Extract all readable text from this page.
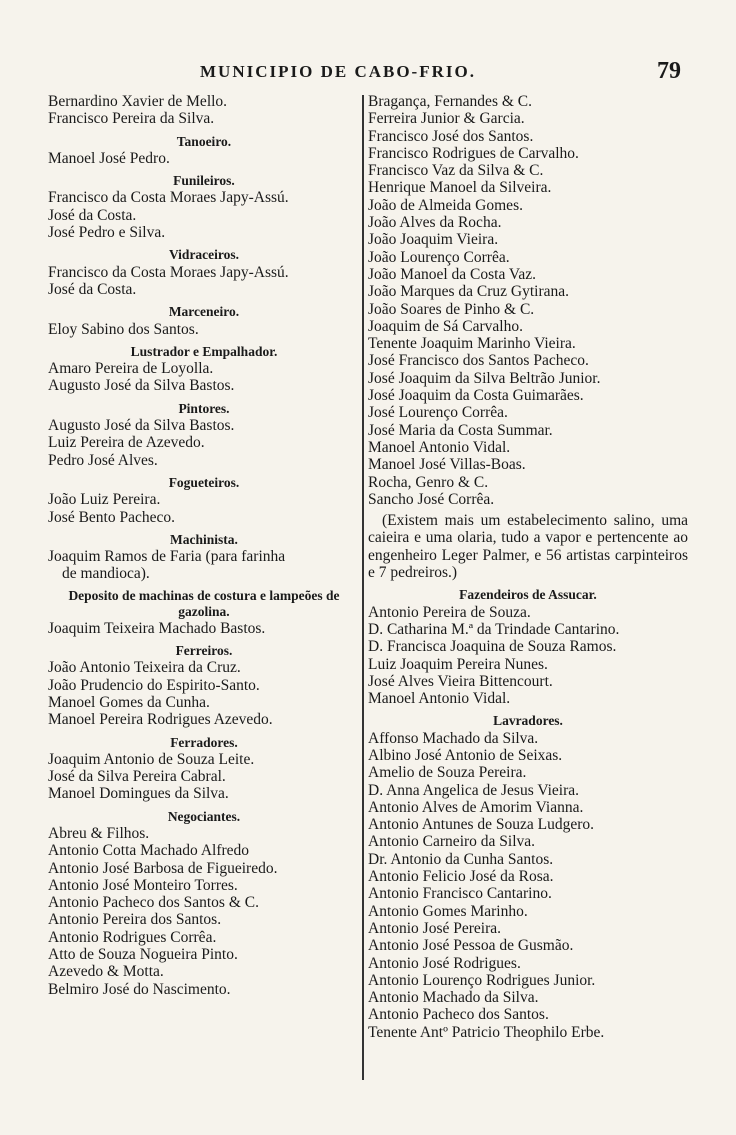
MUNICIPIO DE CABO-FRIO.	79
Bernardino Xavier de Mello.
Francisco Pereira da Silva.
Tanoeiro.
Manoel José Pedro.
Funileiros.
Francisco da Costa Moraes Japy-Assú.
José da Costa.
José Pedro e Silva.
Vidraceiros.
Francisco da Costa Moraes Japy-Assú.
José da Costa.
Marceneiro.
Eloy Sabino dos Santos.
Lustrador e Empalhador.
Amaro Pereira de Loyolla.
Augusto José da Silva Bastos.
Pintores.
Augusto José da Silva Bastos.
Luiz Pereira de Azevedo.
Pedro José Alves.
Fogueteiros.
João Luiz Pereira.
José Bento Pacheco.
Machinista.
Joaquim Ramos de Faria (para farinha
de mandioca).
Deposito de machinas de costura e lampeões de gazolina.
Joaquim Teixeira Machado Bastos.
Ferreiros.
João Antonio Teixeira da Cruz.
João Prudencio do Espirito-Santo.
Manoel Gomes da Cunha.
Manoel Pereira Rodrigues Azevedo.
Ferradores.
Joaquim Antonio de Souza Leite.
José da Silva Pereira Cabral.
Manoel Domingues da Silva.
Negociantes.
Abreu & Filhos.
Antonio Cotta Machado Alfredo
Antonio José Barbosa de Figueiredo.
Antonio José Monteiro Torres.
Antonio Pacheco dos Santos & C.
Antonio Pereira dos Santos.
Antonio Rodrigues Corrêa.
Atto de Souza Nogueira Pinto.
Azevedo & Motta.
Belmiro José do Nascimento.
Bragança, Fernandes & C.
Ferreira Junior & Garcia.
Francisco José dos Santos.
Francisco Rodrigues de Carvalho.
Francisco Vaz da Silva & C.
Henrique Manoel da Silveira.
João de Almeida Gomes.
João Alves da Rocha.
João Joaquim Vieira.
João Lourenço Corrêa.
João Manoel da Costa Vaz.
João Marques da Cruz Gytirana.
João Soares de Pinho & C.
Joaquim de Sá Carvalho.
Tenente Joaquim Marinho Vieira.
José Francisco dos Santos Pacheco.
José Joaquim da Silva Beltrão Junior.
José Joaquim da Costa Guimarães.
José Lourenço Corrêa.
José Maria da Costa Summar.
Manoel Antonio Vidal.
Manoel José Villas-Boas.
Rocha, Genro & C.
Sancho José Corrêa.
(Existem mais um estabelecimento salino, uma caieira e uma olaria, tudo a vapor e pertencente ao engenheiro Leger Palmer, e 56 artistas carpinteiros e 7 pedreiros.)
Fazendeiros de Assucar.
Antonio Pereira de Souza.
D. Catharina M.ª da Trindade Cantarino.
D. Francisca Joaquina de Souza Ramos.
Luiz Joaquim Pereira Nunes.
José Alves Vieira Bittencourt.
Manoel Antonio Vidal.
Lavradores.
Affonso Machado da Silva.
Albino José Antonio de Seixas.
Amelio de Souza Pereira.
D. Anna Angelica de Jesus Vieira.
Antonio Alves de Amorim Vianna.
Antonio Antunes de Souza Ludgero.
Antonio Carneiro da Silva.
Dr. Antonio da Cunha Santos.
Antonio Felicio José da Rosa.
Antonio Francisco Cantarino.
Antonio Gomes Marinho.
Antonio José Pereira.
Antonio José Pessoa de Gusmão.
Antonio José Rodrigues.
Antonio Lourenço Rodrigues Junior.
Antonio Machado da Silva.
Antonio Pacheco dos Santos.
Tenente Antº Patricio Theophilo Erbe.
